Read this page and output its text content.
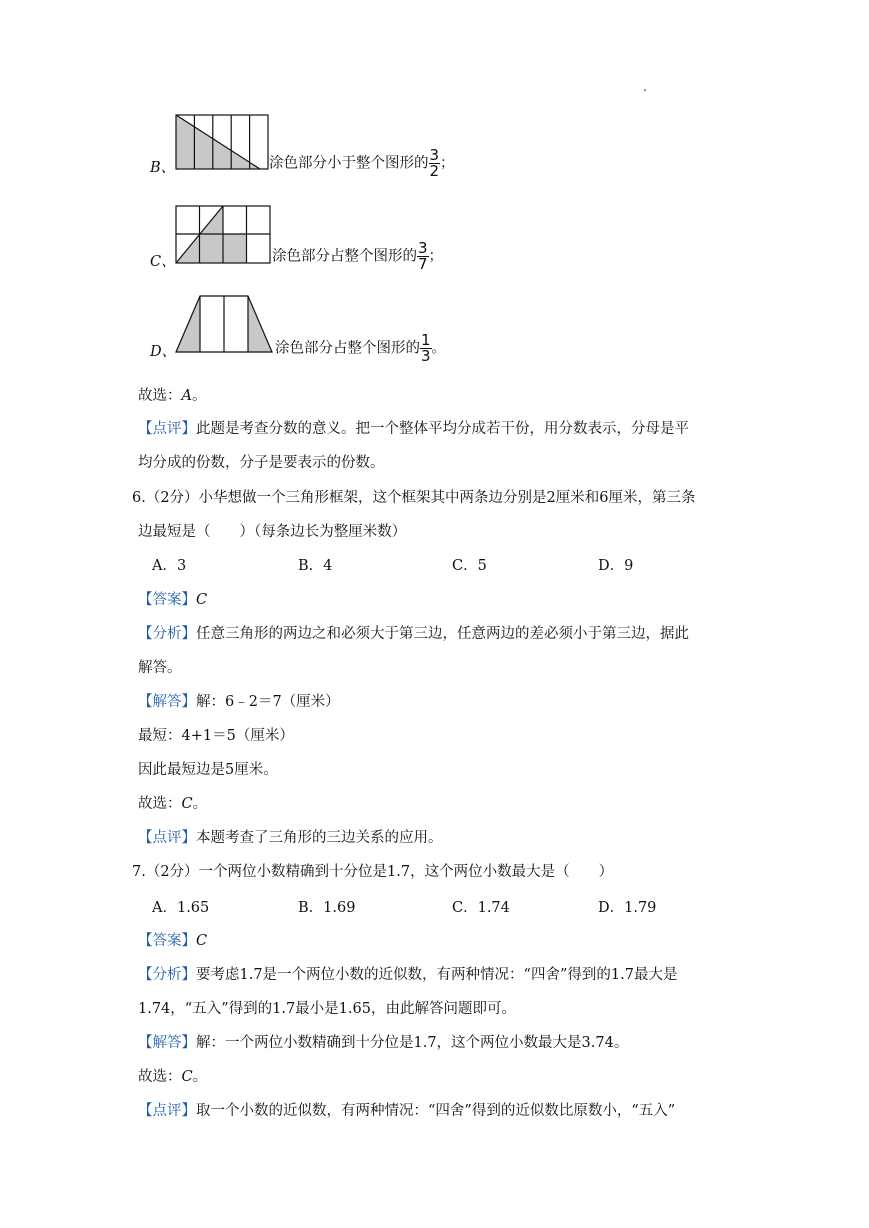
.
B、	涂色部分小于整个图形的 $\frac{3}{2}$ ；
C、	涂色部分占整个图形的 $\frac{3}{7}$ ；
D、	涂色部分占整个图形的 $\frac{1}{3}$ 。
故选：A。
【点评】此题是考查分数的意义。把一个整体平均分成若干份，用分数表示，分母是平
均分成的份数，分子是要表示的份数。
6.（2分）小华想做一个三角形框架，这个框架其中两条边分别是2厘米和6厘米，第三条
边最短是（　　）（每条边长为整厘米数）
A．3	B．4	C．5	D．9
【答案】C
【分析】任意三角形的两边之和必须大于第三边，任意两边的差必须小于第三边，据此
解答。
【解答】解：6﹣2＝7（厘米）
最短：4+1＝5（厘米）
因此最短边是5厘米。
故选：C。
【点评】本题考查了三角形的三边关系的应用。
7.（2分）一个两位小数精确到十分位是1.7，这个两位小数最大是（　　）
A．1.65	B．1.69	C．1.74	D．1.79
【答案】C
【分析】要考虑1.7是一个两位小数的近似数，有两种情况：“四舍”得到的1.7最大是
1.74，“五入”得到的1.7最小是1.65，由此解答问题即可。
【解答】解：一个两位小数精确到十分位是1.7，这个两位小数最大是3.74。
故选：C。
【点评】取一个小数的近似数，有两种情况：“四舍”得到的近似数比原数小，“五入”
